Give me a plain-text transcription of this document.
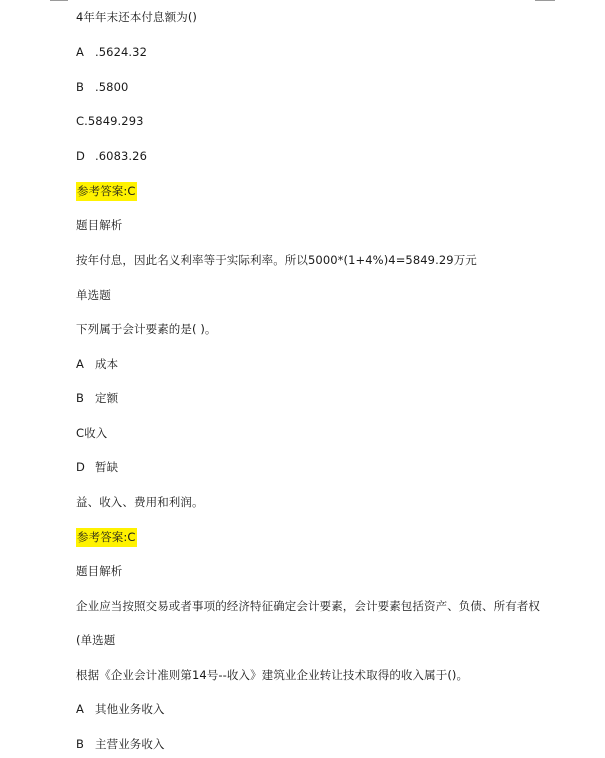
4年年末还本付息额为()
A .5624.32
B .5800
C.5849.293
D .6083.26
参考答案:C
题目解析
按年付息，因此名义利率等于实际利率。所以5000*(1+4%)4=5849.29万元
单选题
下列属于会计要素的是( )。
A 成本
B 定额
C收入
D 暂缺
益、收入、费用和利润。
参考答案:C
题目解析
企业应当按照交易或者事项的经济特征确定会计要素，会计要素包括资产、负债、所有者权
(单选题
根据《企业会计准则第14号--收入》建筑业企业转让技术取得的收入属于()。
A 其他业务收入
B 主营业务收入
